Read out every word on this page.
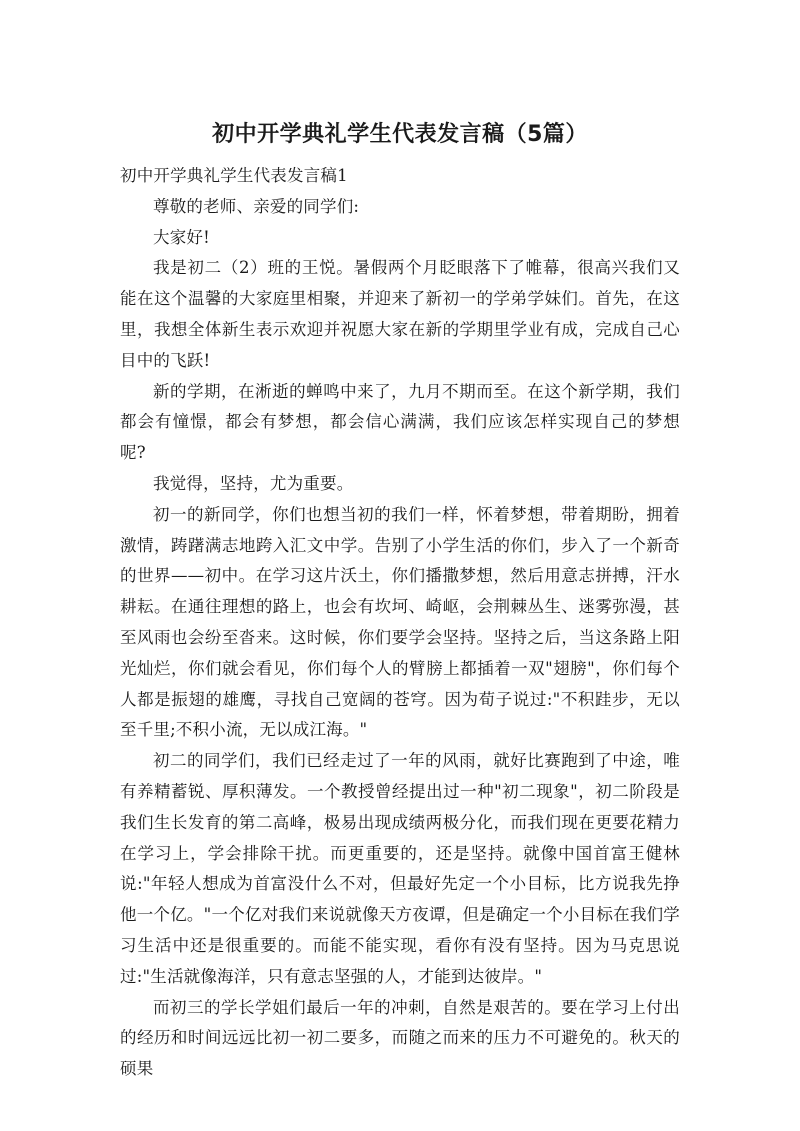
初中开学典礼学生代表发言稿（5篇）

初中开学典礼学生代表发言稿1

尊敬的老师、亲爱的同学们:

大家好!

我是初二（2）班的王悦。暑假两个月眨眼落下了帷幕，很高兴我们又能在这个温馨的大家庭里相聚，并迎来了新初一的学弟学妹们。首先，在这里，我想全体新生表示欢迎并祝愿大家在新的学期里学业有成，完成自己心目中的飞跃!

新的学期，在淅逝的蝉鸣中来了，九月不期而至。在这个新学期，我们都会有憧憬，都会有梦想，都会信心满满，我们应该怎样实现自己的梦想呢?

我觉得，坚持，尤为重要。

初一的新同学，你们也想当初的我们一样，怀着梦想，带着期盼，拥着激情，踌躇满志地跨入汇文中学。告别了小学生活的你们，步入了一个新奇的世界——初中。在学习这片沃土，你们播撒梦想，然后用意志拼搏，汗水耕耘。在通往理想的路上，也会有坎坷、崎岖，会荆棘丛生、迷雾弥漫，甚至风雨也会纷至沓来。这时候，你们要学会坚持。坚持之后，当这条路上阳光灿烂，你们就会看见，你们每个人的臂膀上都插着一双"翅膀"，你们每个人都是振翅的雄鹰，寻找自己宽阔的苍穹。因为荀子说过:"不积跬步，无以至千里;不积小流，无以成江海。"

初二的同学们，我们已经走过了一年的风雨，就好比赛跑到了中途，唯有养精蓄锐、厚积薄发。一个教授曾经提出过一种"初二现象"，初二阶段是我们生长发育的第二高峰，极易出现成绩两极分化，而我们现在更要花精力在学习上，学会排除干扰。而更重要的，还是坚持。就像中国首富王健林说:"年轻人想成为首富没什么不对，但最好先定一个小目标，比方说我先挣他一个亿。"一个亿对我们来说就像天方夜谭，但是确定一个小目标在我们学习生活中还是很重要的。而能不能实现，看你有没有坚持。因为马克思说过:"生活就像海洋，只有意志坚强的人，才能到达彼岸。"

而初三的学长学姐们最后一年的冲刺，自然是艰苦的。要在学习上付出的经历和时间远远比初一初二要多，而随之而来的压力不可避免的。秋天的硕果
